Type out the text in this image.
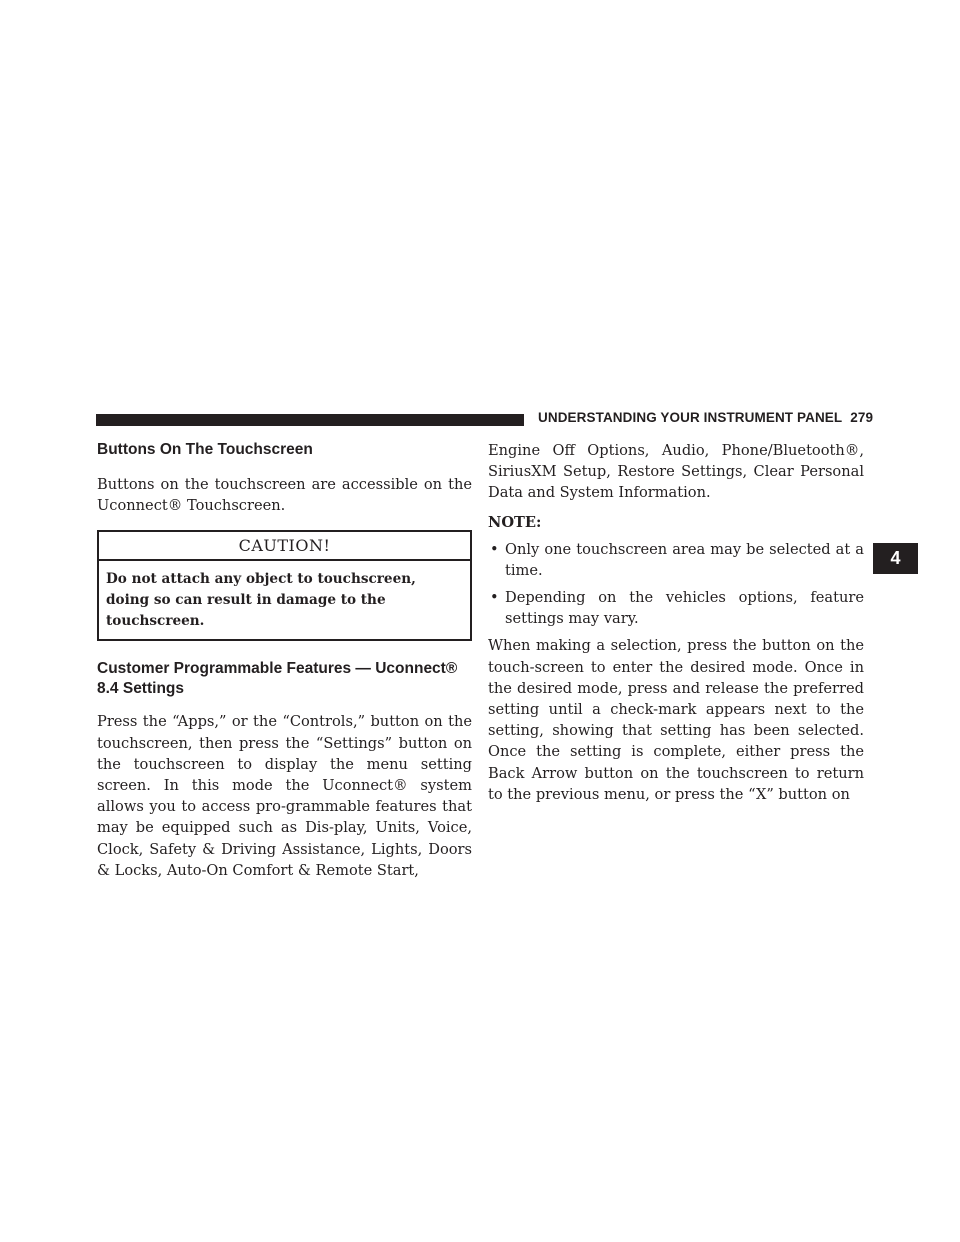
UNDERSTANDING YOUR INSTRUMENT PANEL 279
Buttons On The Touchscreen

Buttons on the touchscreen are accessible on the Uconnect® Touchscreen.

CAUTION!
Do not attach any object to touchscreen, doing so can result in damage to the touchscreen.
Customer Programmable Features — Uconnect®
8.4 Settings

Press the “Apps,” or the “Controls,” button on the touchscreen, then press the “Settings” button on the touchscreen to display the menu setting screen. In this mode the Uconnect® system allows you to access pro-grammable features that may be equipped such as Dis-play, Units, Voice, Clock, Safety & Driving Assistance, Lights, Doors & Locks, Auto-On Comfort & Remote Start,

Engine Off Options, Audio, Phone/Bluetooth®, SiriusXM Setup, Restore Settings, Clear Personal Data and System Information.

NOTE:
• Only one touchscreen area may be selected at a time.
• Depending on the vehicles options, feature settings may vary.

When making a selection, press the button on the touch-screen to enter the desired mode. Once in the desired mode, press and release the preferred setting until a check-mark appears next to the setting, showing that setting has been selected. Once the setting is complete, either press the Back Arrow button on the touchscreen to return to the previous menu, or press the “X” button on

4
